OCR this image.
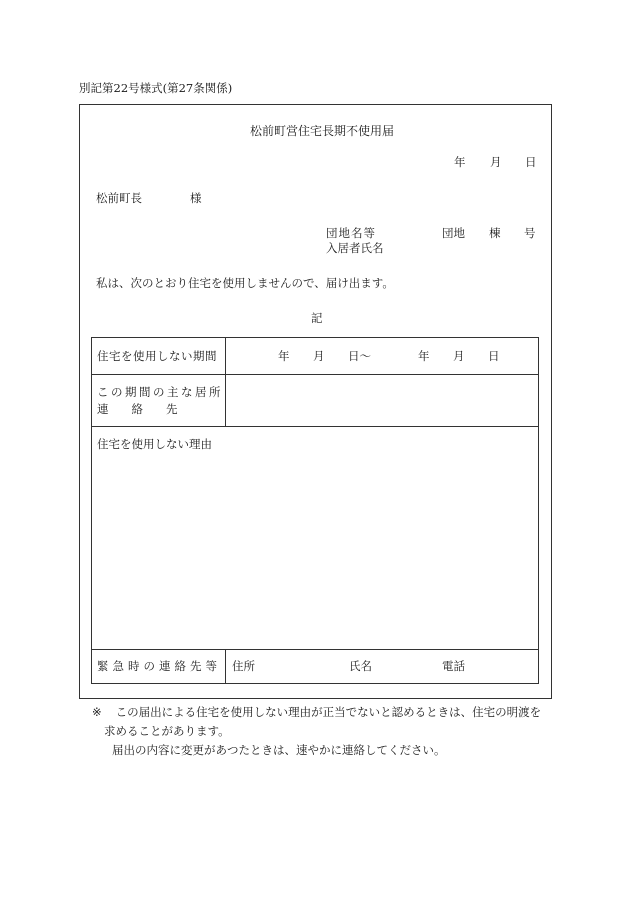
別記第22号様式(第27条関係)
松前町営住宅長期不使用届
年 月 日
松前町長	様
団地名等	団地 棟 号
入居者氏名
私は、次のとおり住宅を使用しませんので、届け出ます。
記
住宅を使用しない期間	年 月 日～	年 月 日
この期間の主な居所
連　　絡　　先
住宅を使用しない理由
緊急時の連絡先等 住所	氏名	電話
※ この届出による住宅を使用しない理由が正当でないと認めるときは、住宅の明渡を
求めることがあります。
届出の内容に変更があつたときは、速やかに連絡してください。
